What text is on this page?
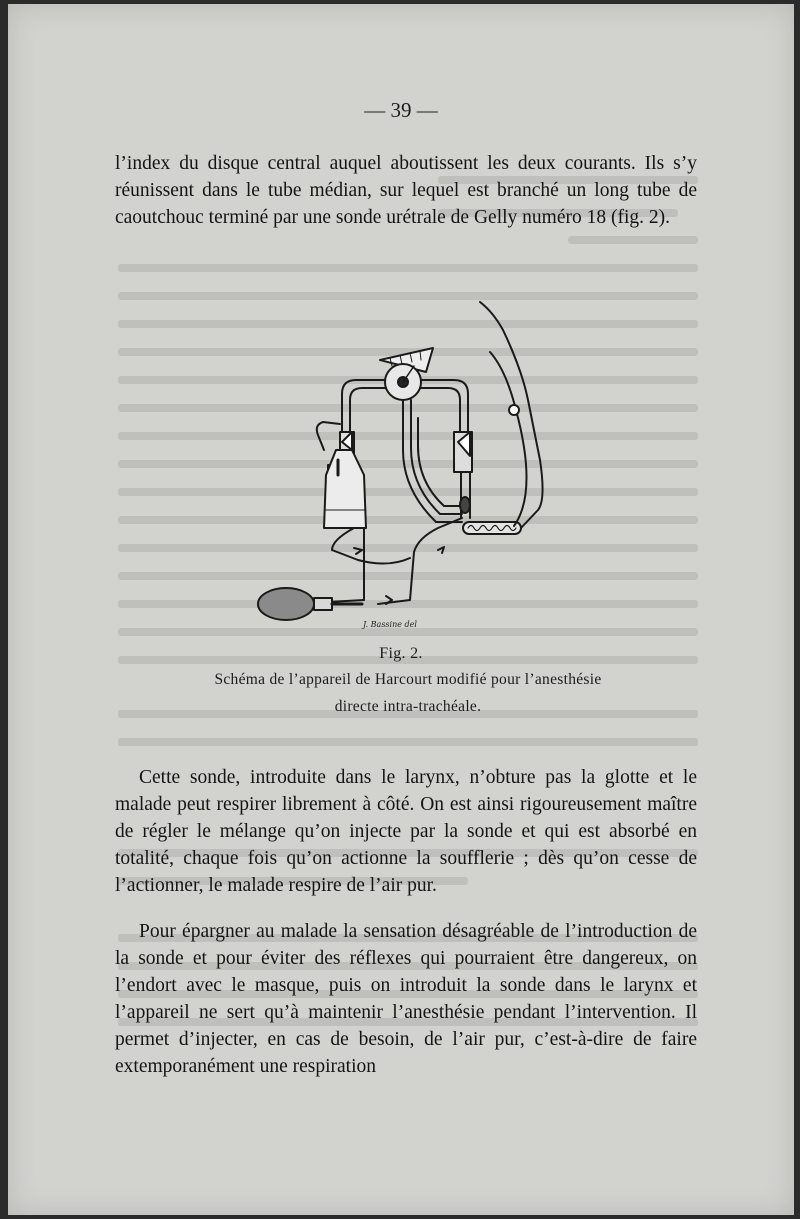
— 39 —

l’index du disque central auquel aboutissent les deux courants. Ils s’y réunissent dans le tube médian, sur lequel est branché un long tube de caoutchouc terminé par une sonde urétrale de Gelly numéro 18 (fig. 2).

J. Bassine del
Fig. 2.
Schéma de l’appareil de Harcourt modifié pour l’anesthésie
directe intra-trachéale.

Cette sonde, introduite dans le larynx, n’obture pas la glotte et le malade peut respirer librement à côté. On est ainsi rigoureusement maître de régler le mélange qu’on injecte par la sonde et qui est absorbé en totalité, chaque fois qu’on actionne la soufflerie ; dès qu’on cesse de l’actionner, le malade respire de l’air pur.

Pour épargner au malade la sensation désagréable de l’introduction de la sonde et pour éviter des réflexes qui pourraient être dangereux, on l’endort avec le masque, puis on introduit la sonde dans le larynx et l’appareil ne sert qu’à maintenir l’anesthésie pendant l’intervention. Il permet d’injecter, en cas de besoin, de l’air pur, c’est-à-dire de faire extemporanément une respiration
